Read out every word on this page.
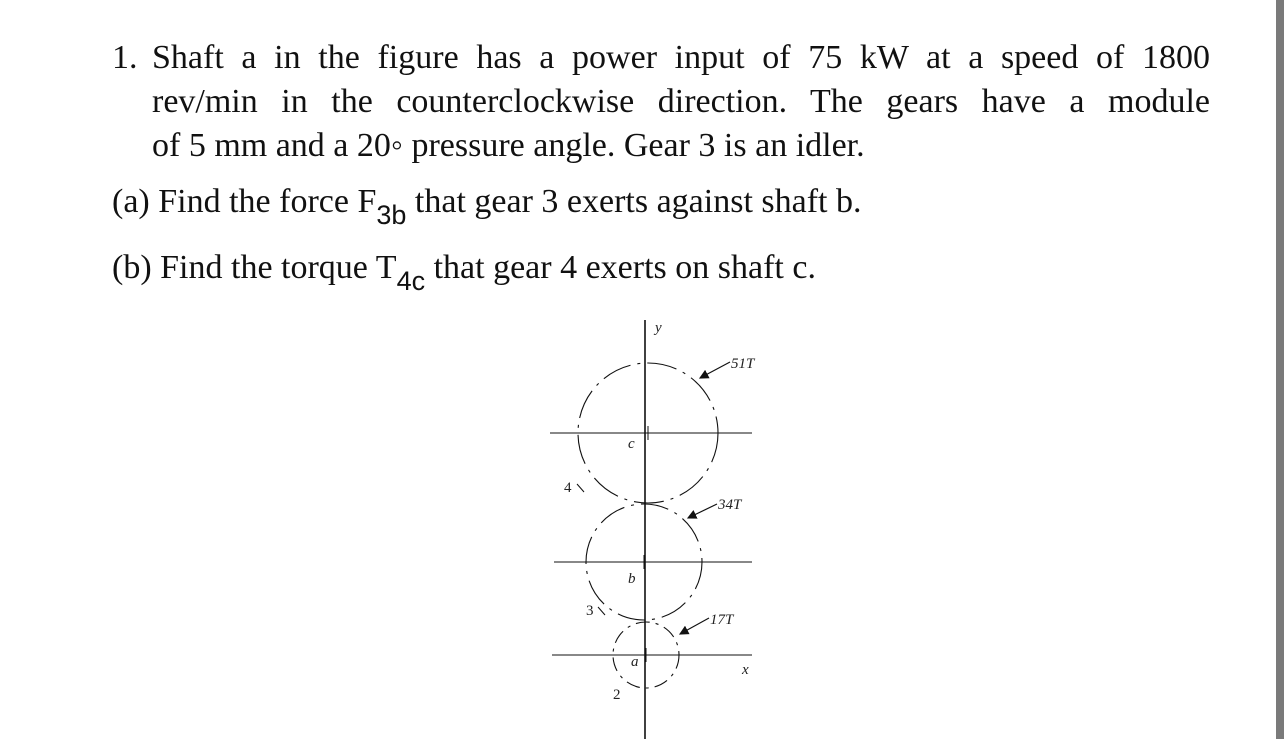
1. Shaft a in the figure has a power input of 75 kW at a speed of 1800
rev/min in the counterclockwise direction. The gears have a module
of 5 mm and a 20◦ pressure angle. Gear 3 is an idler.
(a) Find the force $F_{3b}$ that gear 3 exerts against shaft b.
(b) Find the torque $T_{4c}$ that gear 4 exerts on shaft c.
y
x
c
4
51T
b
3
34T
a
2
17T
